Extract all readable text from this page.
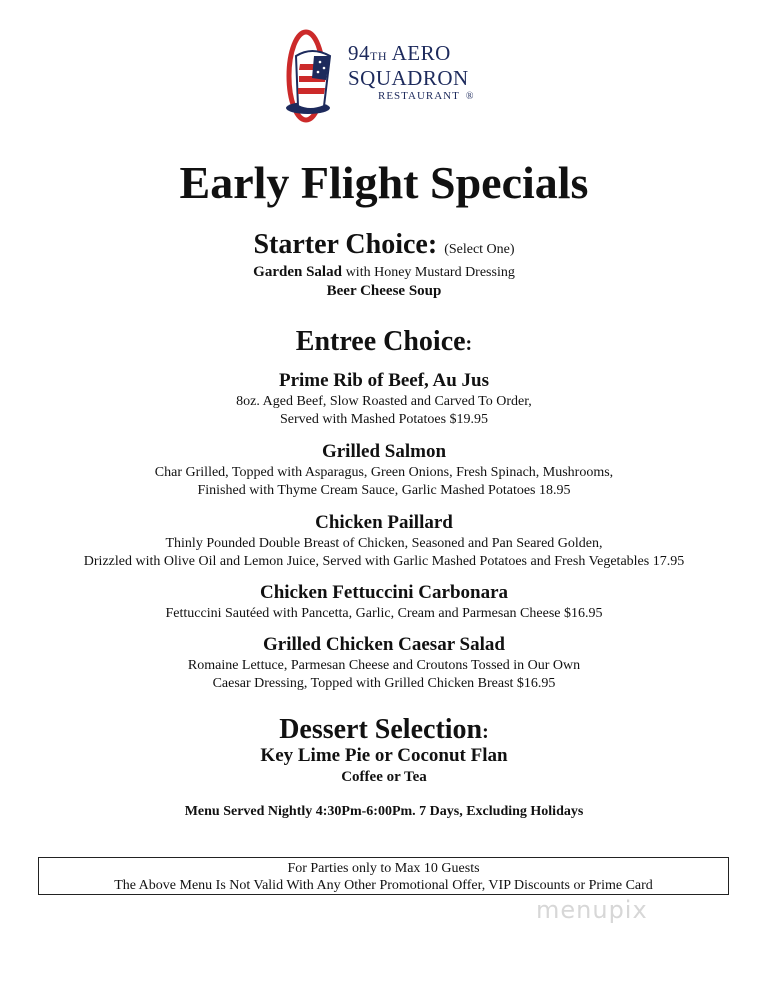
94TH AERO
SQUADRON
RESTAURANT ®
Early Flight Specials
Starter Choice: (Select One)
Garden Salad with Honey Mustard Dressing
Beer Cheese Soup
Entree Choice:
Prime Rib of Beef, Au Jus
8oz. Aged Beef, Slow Roasted and Carved To Order,
Served with Mashed Potatoes $19.95
Grilled Salmon
Char Grilled, Topped with Asparagus, Green Onions, Fresh Spinach, Mushrooms,
Finished with Thyme Cream Sauce, Garlic Mashed Potatoes 18.95
Chicken Paillard
Thinly Pounded Double Breast of Chicken, Seasoned and Pan Seared Golden,
Drizzled with Olive Oil and Lemon Juice, Served with Garlic Mashed Potatoes and Fresh Vegetables 17.95
Chicken Fettuccini Carbonara
Fettuccini Sautéed with Pancetta, Garlic, Cream and Parmesan Cheese $16.95
Grilled Chicken Caesar Salad
Romaine Lettuce, Parmesan Cheese and Croutons Tossed in Our Own
Caesar Dressing, Topped with Grilled Chicken Breast $16.95
Dessert Selection:
Key Lime Pie or Coconut Flan
Coffee or Tea
Menu Served Nightly 4:30Pm-6:00Pm. 7 Days, Excluding Holidays
For Parties only to Max 10 Guests
The Above Menu Is Not Valid With Any Other Promotional Offer, VIP Discounts or Prime Card
menupix
